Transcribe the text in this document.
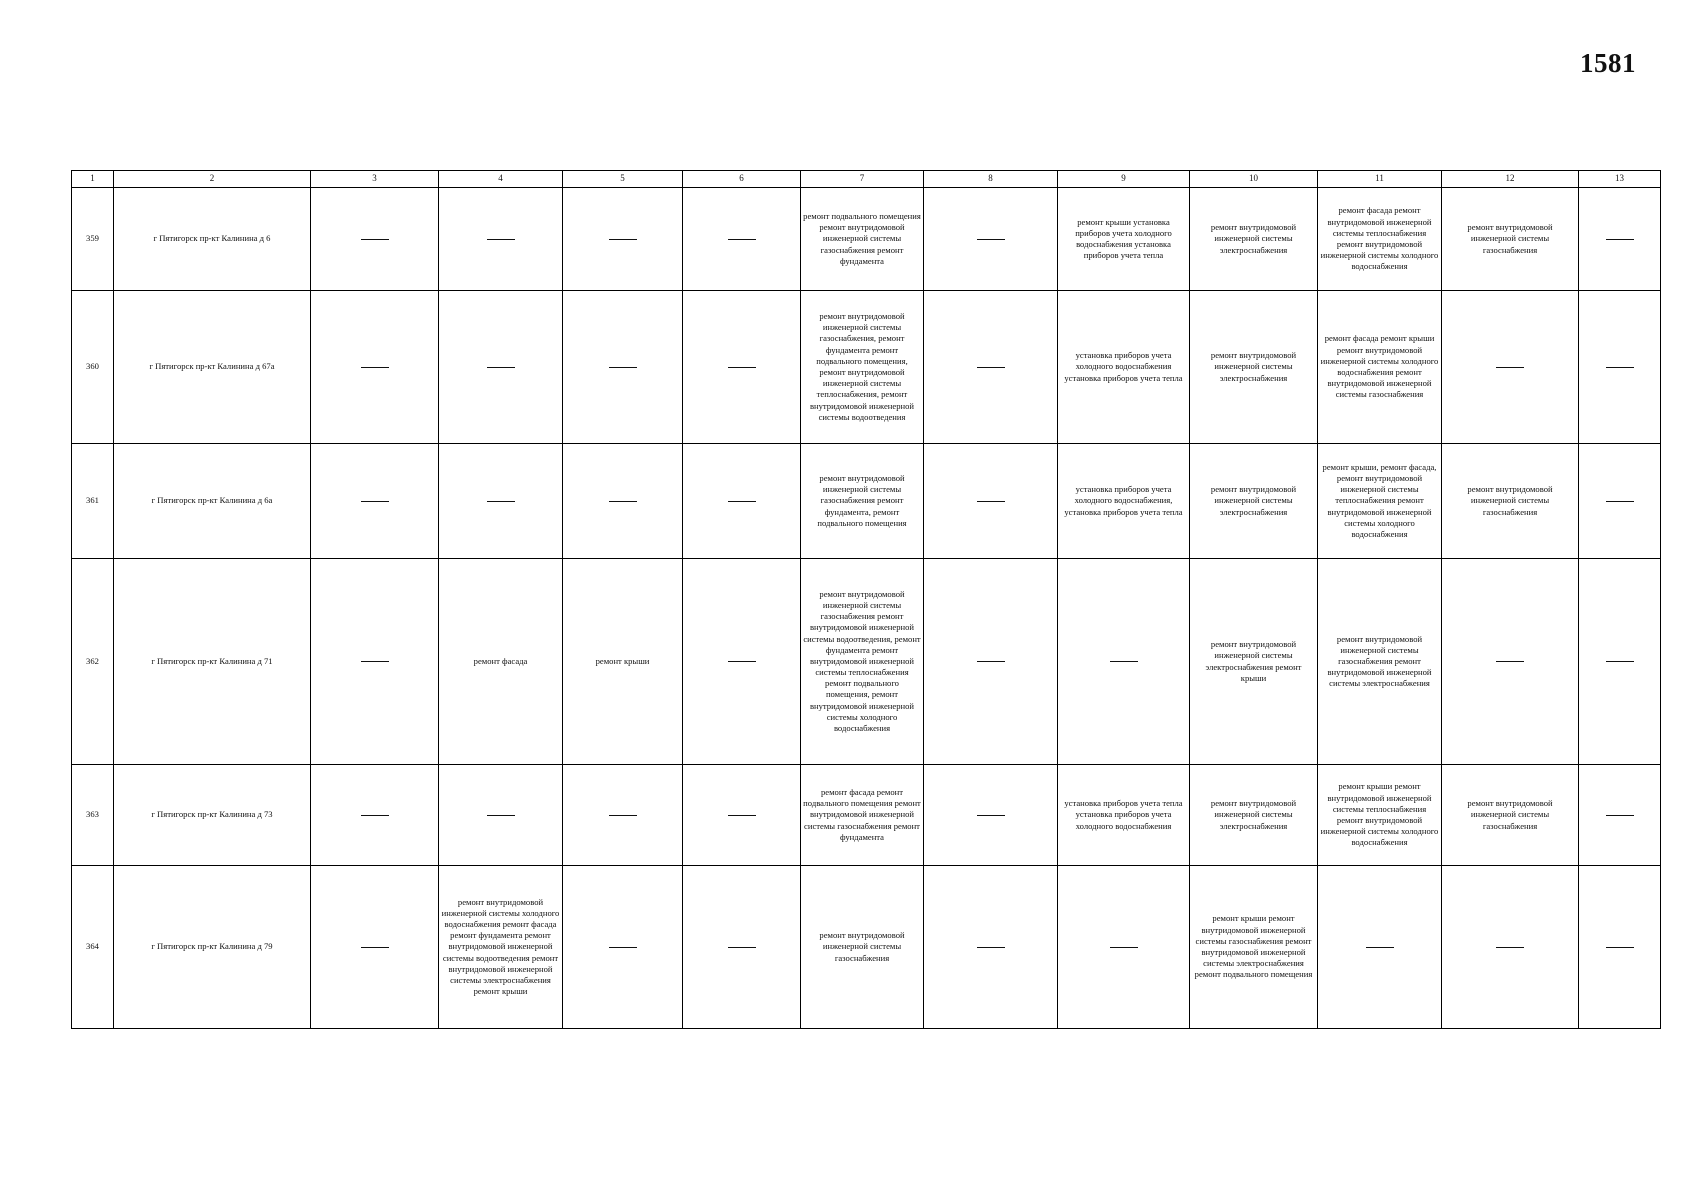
1581
1	2	3	4	5	6	7	8	9	10	11	12	13
359	г Пятигорск пр-кт Калинина д 6					ремонт подвального помещения ремонт внутридомовой инженерной системы газоснабжения ремонт фундамента		ремонт крыши установка приборов учета холодного водоснабжения установка приборов учета тепла	ремонт внутридомовой инженерной системы электроснабжения	ремонт фасада ремонт внутридомовой инженерной системы теплоснабжения ремонт внутридомовой инженерной системы холодного водоснабжения	ремонт внутридомовой инженерной системы газоснабжения	
360	г Пятигорск пр-кт Калинина д 67а					ремонт внутридомовой инженерной системы газоснабжения, ремонт фундамента ремонт подвального помещения, ремонт внутридомовой инженерной системы теплоснабжения, ремонт внутридомовой инженерной системы водоотведения		установка приборов учета холодного водоснабжения установка приборов учета тепла	ремонт внутридомовой инженерной системы электроснабжения	ремонт фасада ремонт крыши ремонт внутридомовой инженерной системы холодного водоснабжения ремонт внутридомовой инженерной системы газоснабжения		
361	г Пятигорск пр-кт Калинина д 6а					ремонт внутридомовой инженерной системы газоснабжения ремонт фундамента, ремонт подвального помещения		установка приборов учета холодного водоснабжения, установка приборов учета тепла	ремонт внутридомовой инженерной системы электроснабжения	ремонт крыши, ремонт фасада, ремонт внутридомовой инженерной системы теплоснабжения ремонт внутридомовой инженерной системы холодного водоснабжения	ремонт внутридомовой инженерной системы газоснабжения	
362	г Пятигорск пр-кт Калинина д 71		ремонт фасада	ремонт крыши		ремонт внутридомовой инженерной системы газоснабжения ремонт внутридомовой инженерной системы водоотведения, ремонт фундамента ремонт внутридомовой инженерной системы теплоснабжения ремонт подвального помещения, ремонт внутридомовой инженерной системы холодного водоснабжения			ремонт внутридомовой инженерной системы электроснабжения ремонт крыши	ремонт внутридомовой инженерной системы газоснабжения ремонт внутридомовой инженерной системы электроснабжения		
363	г Пятигорск пр-кт Калинина д 73					ремонт фасада ремонт подвального помещения ремонт внутридомовой инженерной системы газоснабжения ремонт фундамента		установка приборов учета тепла установка приборов учета холодного водоснабжения	ремонт внутридомовой инженерной системы электроснабжения	ремонт крыши ремонт внутридомовой инженерной системы теплоснабжения ремонт внутридомовой инженерной системы холодного водоснабжения	ремонт внутридомовой инженерной системы газоснабжения	
364	г Пятигорск пр-кт Калинина д 79		ремонт внутридомовой инженерной системы холодного водоснабжения ремонт фасада ремонт фундамента ремонт внутридомовой инженерной системы водоотведения ремонт внутридомовой инженерной системы электроснабжения ремонт крыши			ремонт внутридомовой инженерной системы газоснабжения			ремонт крыши ремонт внутридомовой инженерной системы газоснабжения ремонт внутридомовой инженерной системы электроснабжения ремонт подвального помещения			
